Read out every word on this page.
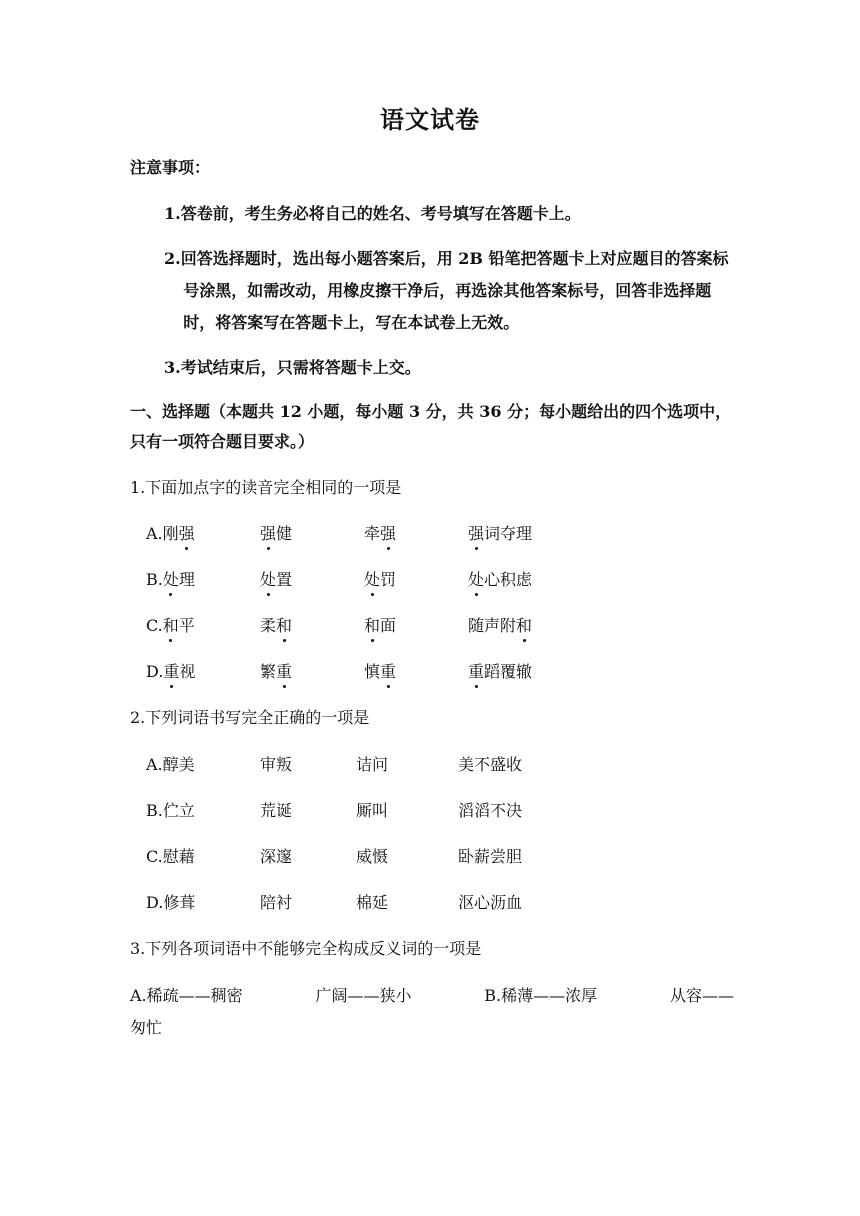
语文试卷
注意事项：
1.答卷前，考生务必将自己的姓名、考号填写在答题卡上。
2.回答选择题时，选出每小题答案后，用 2B 铅笔把答题卡上对应题目的答案标号涂黑，如需改动，用橡皮擦干净后，再选涂其他答案标号，回答非选择题时，将答案写在答题卡上，写在本试卷上无效。
3.考试结束后，只需将答题卡上交。
一、选择题（本题共 12 小题，每小题 3 分，共 36 分；每小题给出的四个选项中，只有一项符合题目要求。）
1.下面加点字的读音完全相同的一项是
A.刚强	强健	牵强	强词夺理
B.处理	处置	处罚	处心积虑
C.和平	柔和	和面	随声附和
D.重视	繁重	慎重	重蹈覆辙
2.下列词语书写完全正确的一项是
A.醇美	审叛	诘问	美不盛收
B.伫立	荒诞	厮叫	滔滔不决
C.慰藉	深邃	威慑	卧薪尝胆
D.修葺	陪衬	棉延	沤心沥血
3.下列各项词语中不能够完全构成反义词的一项是
A.稀疏——稠密	广阔——狭小	B.稀薄——浓厚	从容——
匆忙
